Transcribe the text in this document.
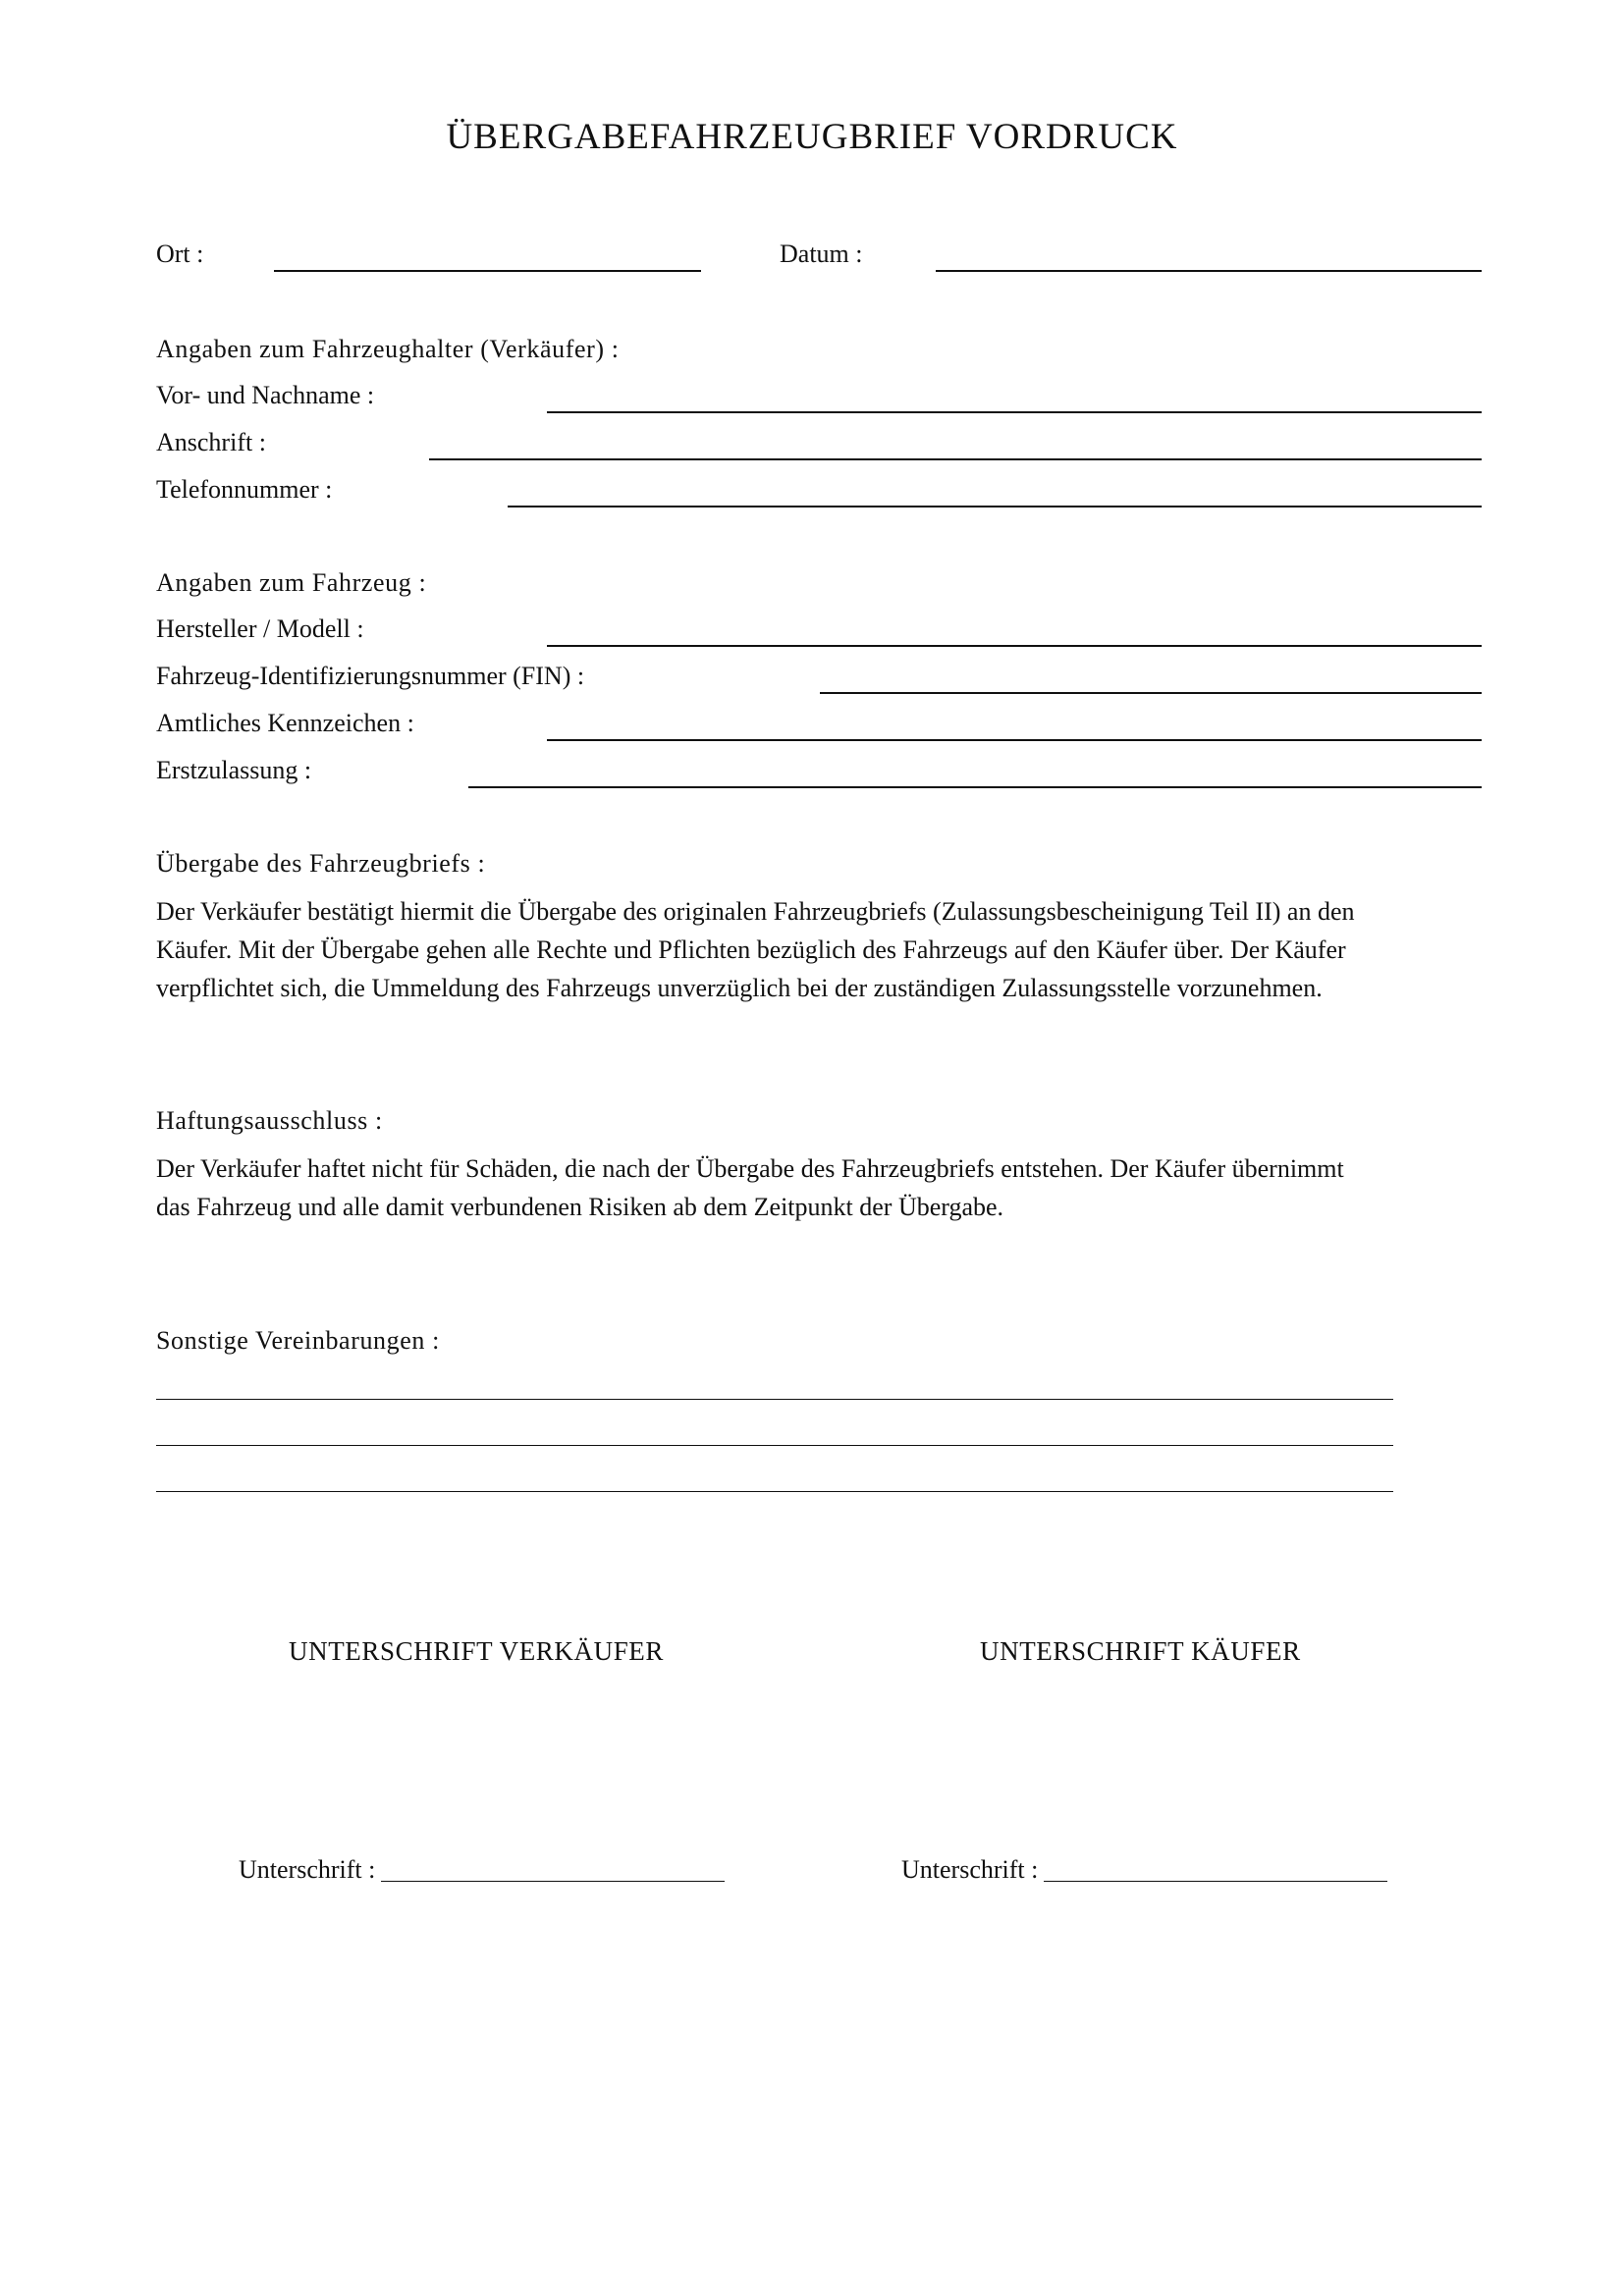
ÜBERGABEFAHRZEUGBRIEF VORDRUCK
Ort :	Datum :
Angaben zum Fahrzeughalter (Verkäufer) :
Vor- und Nachname :
Anschrift :
Telefonnummer :
Angaben zum Fahrzeug :
Hersteller / Modell :
Fahrzeug-Identifizierungsnummer (FIN) :
Amtliches Kennzeichen :
Erstzulassung :
Übergabe des Fahrzeugbriefs :

Der Verkäufer bestätigt hiermit die Übergabe des originalen Fahrzeugbriefs (Zulassungsbescheinigung Teil II) an den

Käufer. Mit der Übergabe gehen alle Rechte und Pflichten bezüglich des Fahrzeugs auf den Käufer über. Der Käufer

verpflichtet sich, die Ummeldung des Fahrzeugs unverzüglich bei der zuständigen Zulassungsstelle vorzunehmen.

Haftungsausschluss :

Der Verkäufer haftet nicht für Schäden, die nach der Übergabe des Fahrzeugbriefs entstehen. Der Käufer übernimmt

das Fahrzeug und alle damit verbundenen Risiken ab dem Zeitpunkt der Übergabe.

Sonstige Vereinbarungen :
UNTERSCHRIFT VERKÄUFER	UNTERSCHRIFT KÄUFER
Unterschrift :	Unterschrift :
